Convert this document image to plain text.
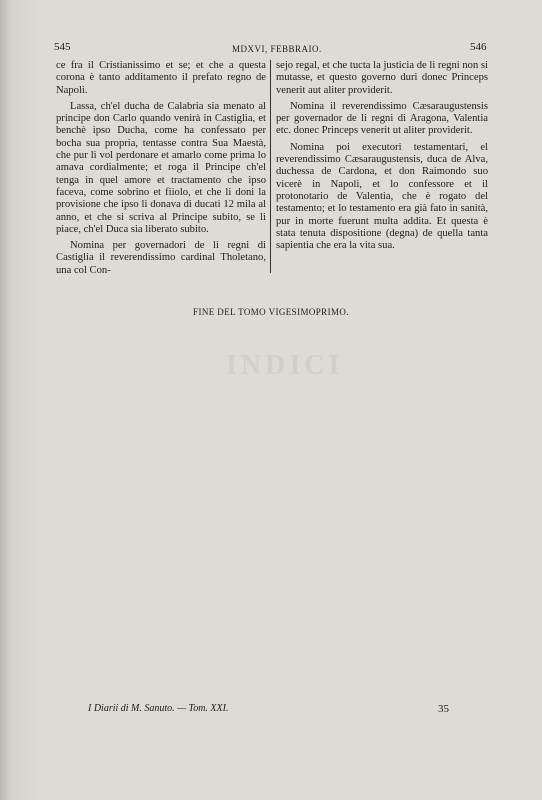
545	MDXVI, FEBBRAIO.	546

ce fra il Cristianissimo et se; et che a questa corona è tanto additamento il prefato regno de Napoli.

Lassa, ch'el ducha de Calabria sia menato al principe don Carlo quando venirà in Castiglia, et benchè ipso Ducha, come ha confessato per bocha sua propria, tentasse contra Sua Maestà, che pur li vol perdonare et amarlo come prima lo amava cordialmente; et roga il Principe ch'el tenga in quel amore et tractamento che ipso faceva, come sobrino et fiiolo, et che li doni la provisione che ipso li donava di ducati 12 mila al anno, et che si scriva al Principe subito, se li piace, ch'el Duca sia liberato subito.

Nomina per governadori de li regni di Castiglia il reverendissimo cardinal Tholetano, una col Con-

sejo regal, et che tucta la justicia de li regni non si mutasse, et questo governo duri donec Princeps venerit aut aliter providerit.

Nomina il reverendissimo Cæsaraugustensis per governador de li regni di Aragona, Valentia etc. donec Princeps venerit ut aliter providerit.

Nomina poi executori testamentari, el reverendissimo Cæsaraugustensis, duca de Alva, duchessa de Cardona, et don Raimondo suo vicerè in Napoli, et lo confessore et il protonotario de Valentia, che è rogato del testamento; et lo testamento era già fato in sanità, pur in morte fuerunt multa addita. Et questa è stata tenuta dispositione (degna) de quella tanta sapientia che era la vita sua.

FINE DEL TOMO VIGESIMOPRIMO.
INDICI
I Diarii di M. Sanuto. — Tom. XXI.	35
